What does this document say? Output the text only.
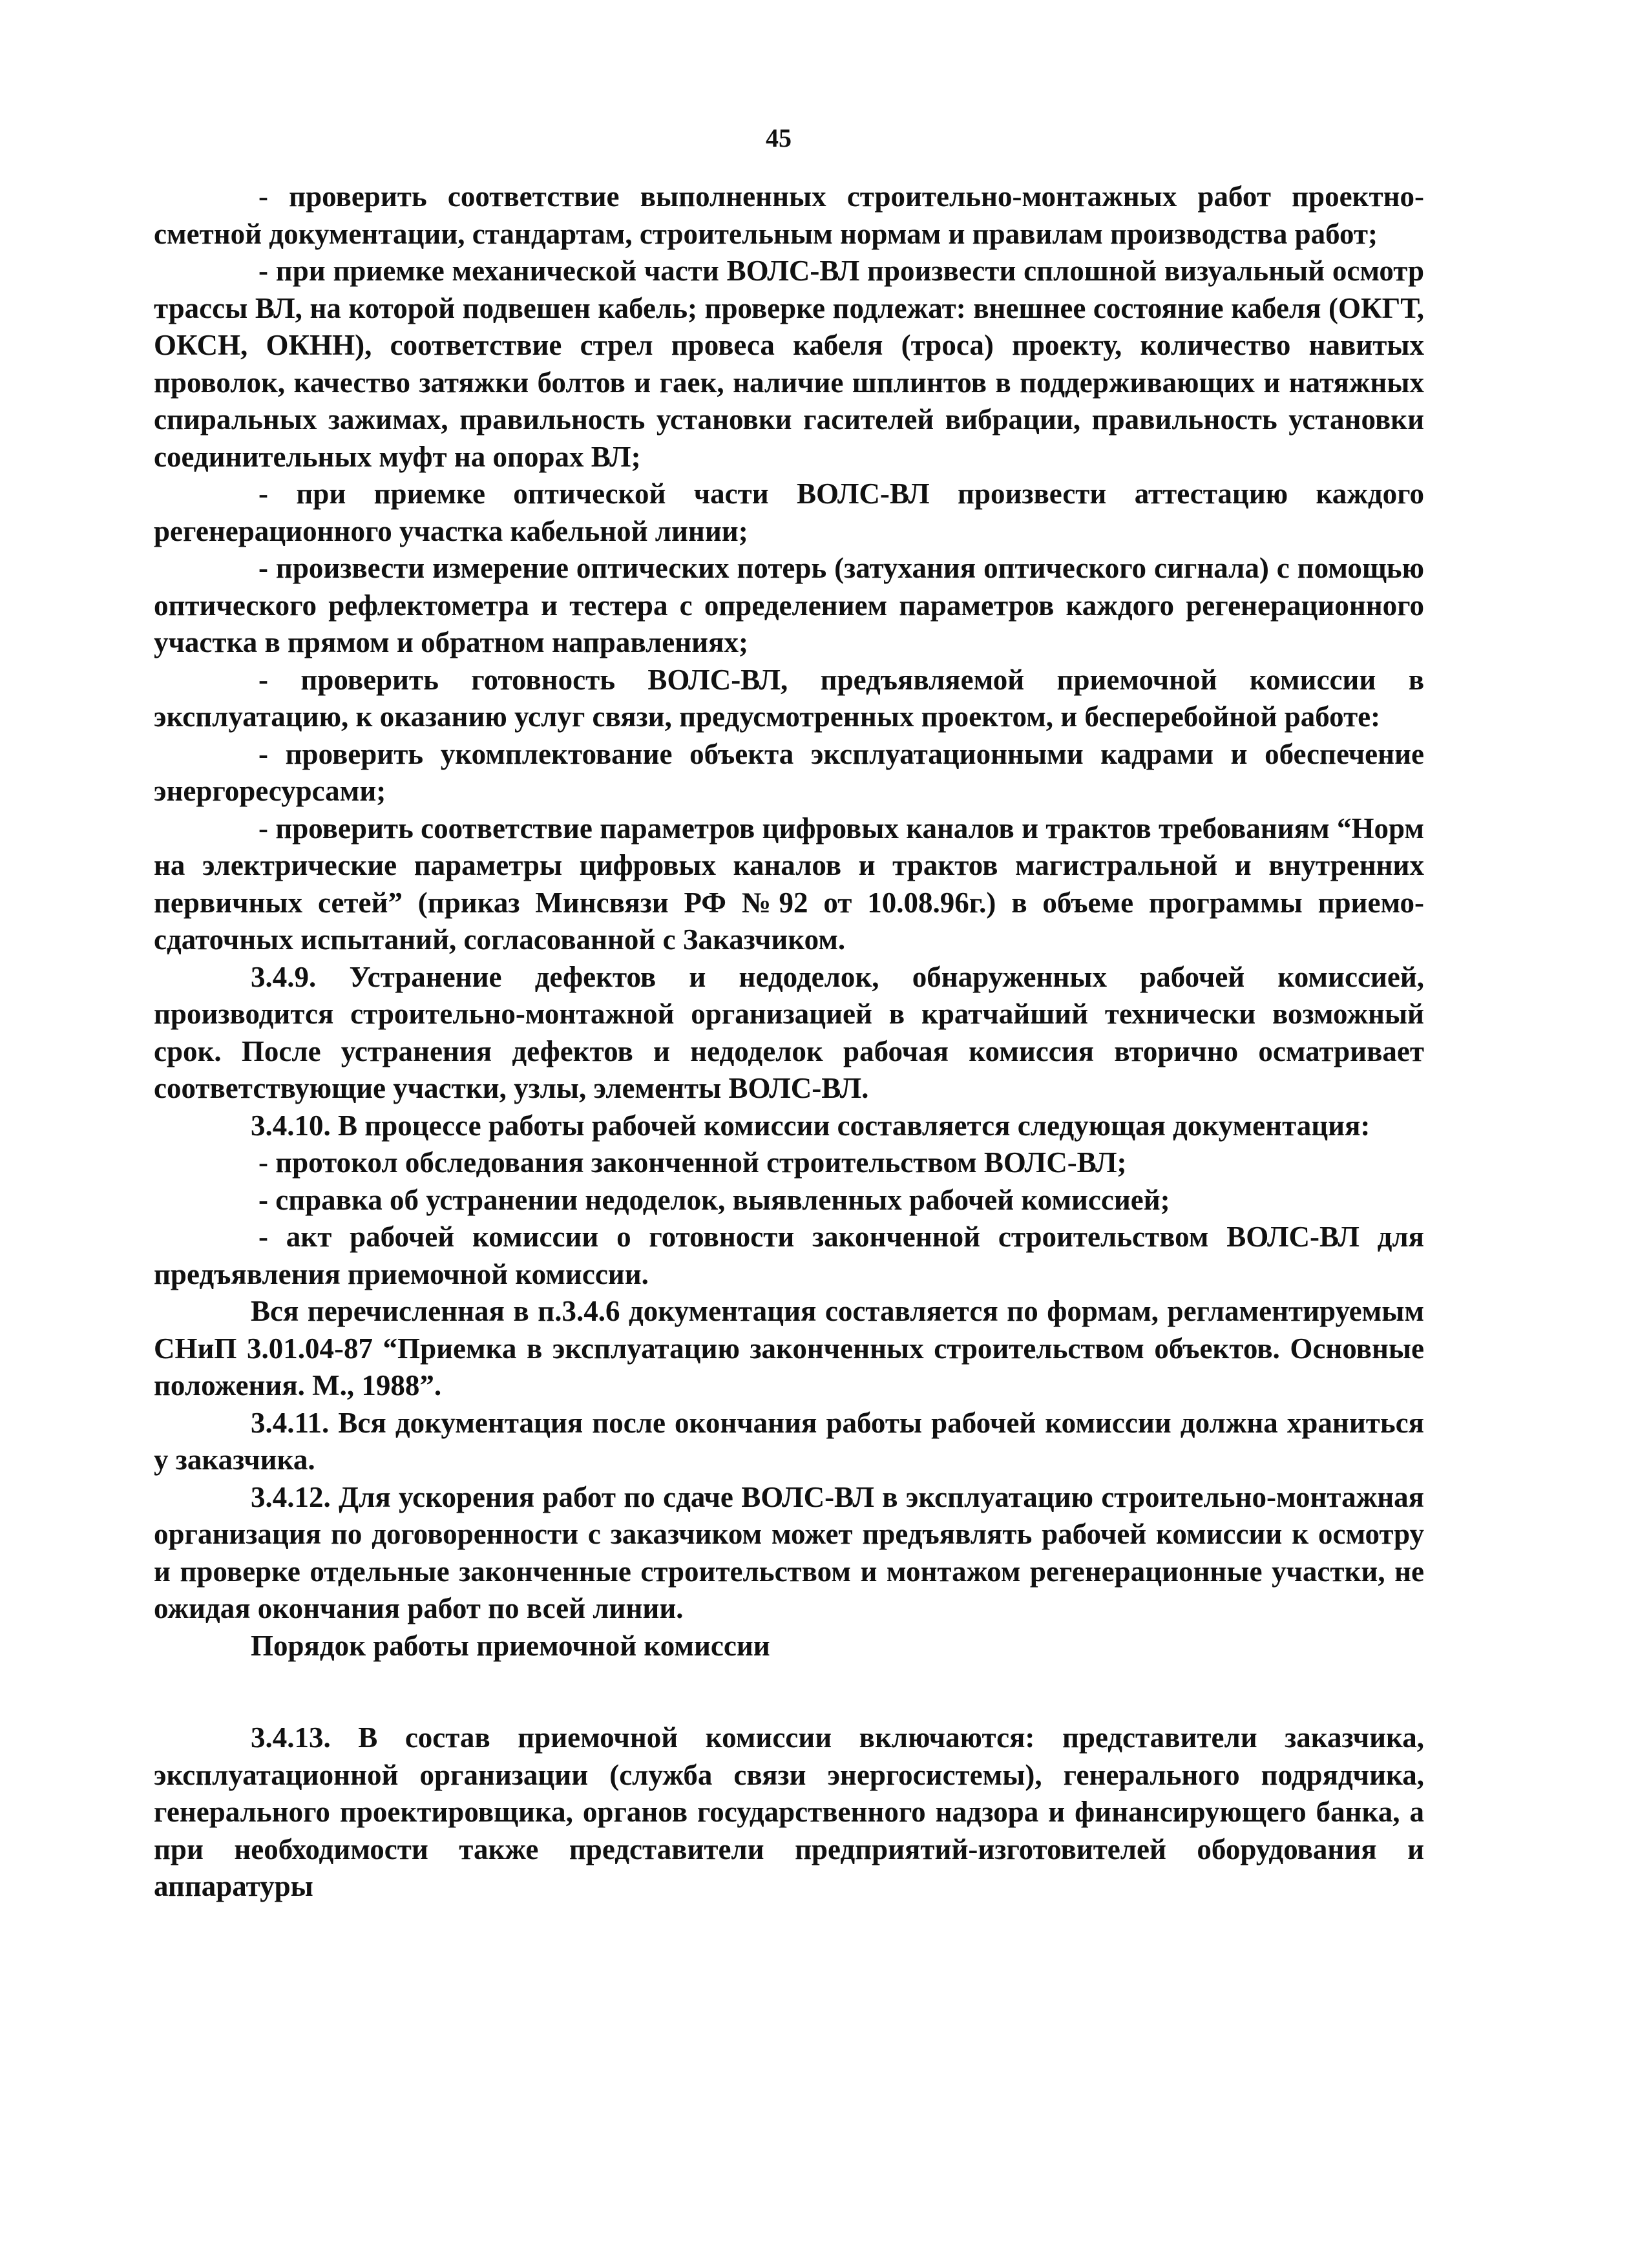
45

- проверить соответствие выполненных строительно-монтажных работ проектно-сметной документации, стандартам, строительным нормам и правилам производства работ;

- при приемке механической части ВОЛС-ВЛ произвести сплошной визуальный осмотр трассы ВЛ, на которой подвешен кабель; проверке подлежат: внешнее состояние кабеля (ОКГТ, ОКСН, ОКНН), соответствие стрел провеса кабеля (троса) проекту, количество навитых проволок, качество затяжки болтов и гаек, наличие шплинтов в поддерживающих и натяжных спиральных зажимах, правильность установки гасителей вибрации, правильность установки соединительных муфт на опорах ВЛ;

- при приемке оптической части ВОЛС-ВЛ произвести аттестацию каждого регенерационного участка кабельной линии;

- произвести измерение оптических потерь (затухания оптического сигнала) с помощью оптического рефлектометра и тестера с определением параметров каждого регенерационного участка в прямом и обратном направлениях;

- проверить готовность ВОЛС-ВЛ, предъявляемой приемочной комиссии в эксплуатацию, к оказанию услуг связи, предусмотренных проектом, и бесперебойной работе:

- проверить укомплектование объекта эксплуатационными кадрами и обеспечение энергоресурсами;

- проверить соответствие параметров цифровых каналов и трактов требованиям “Норм на электрические параметры цифровых каналов и трактов магистральной и внутренних первичных сетей” (приказ Минсвязи РФ №92 от 10.08.96г.) в объеме программы приемо-сдаточных испытаний, согласованной с Заказчиком.

3.4.9. Устранение дефектов и недоделок, обнаруженных рабочей комиссией, производится строительно-монтажной организацией в кратчайший технически возможный срок. После устранения дефектов и недоделок рабочая комиссия вторично осматривает соответствующие участки, узлы, элементы ВОЛС-ВЛ.

3.4.10. В процессе работы рабочей комиссии составляется следующая документация:

- протокол обследования законченной строительством ВОЛС-ВЛ;

- справка об устранении недоделок, выявленных рабочей комиссией;

- акт рабочей комиссии о готовности законченной строительством ВОЛС-ВЛ для предъявления приемочной комиссии.

Вся перечисленная в п.3.4.6 документация составляется по формам, регламентируемым СНиП 3.01.04-87 “Приемка в эксплуатацию законченных строительством объектов. Основные положения. М., 1988”.

3.4.11. Вся документация после окончания работы рабочей комиссии должна храниться у заказчика.

3.4.12. Для ускорения работ по сдаче ВОЛС-ВЛ в эксплуатацию строительно-монтажная организация по договоренности с заказчиком может предъявлять рабочей комиссии к осмотру и проверке отдельные законченные строительством и монтажом регенерационные участки, не ожидая окончания работ по всей линии.

Порядок работы приемочной комиссии

3.4.13. В состав приемочной комиссии включаются: представители заказчика, эксплуатационной организации (служба связи энергосистемы), генерального подрядчика, генерального проектировщика, органов государственного надзора и финансирующего банка, а при необходимости также представители предприятий-изготовителей оборудования и аппаратуры
